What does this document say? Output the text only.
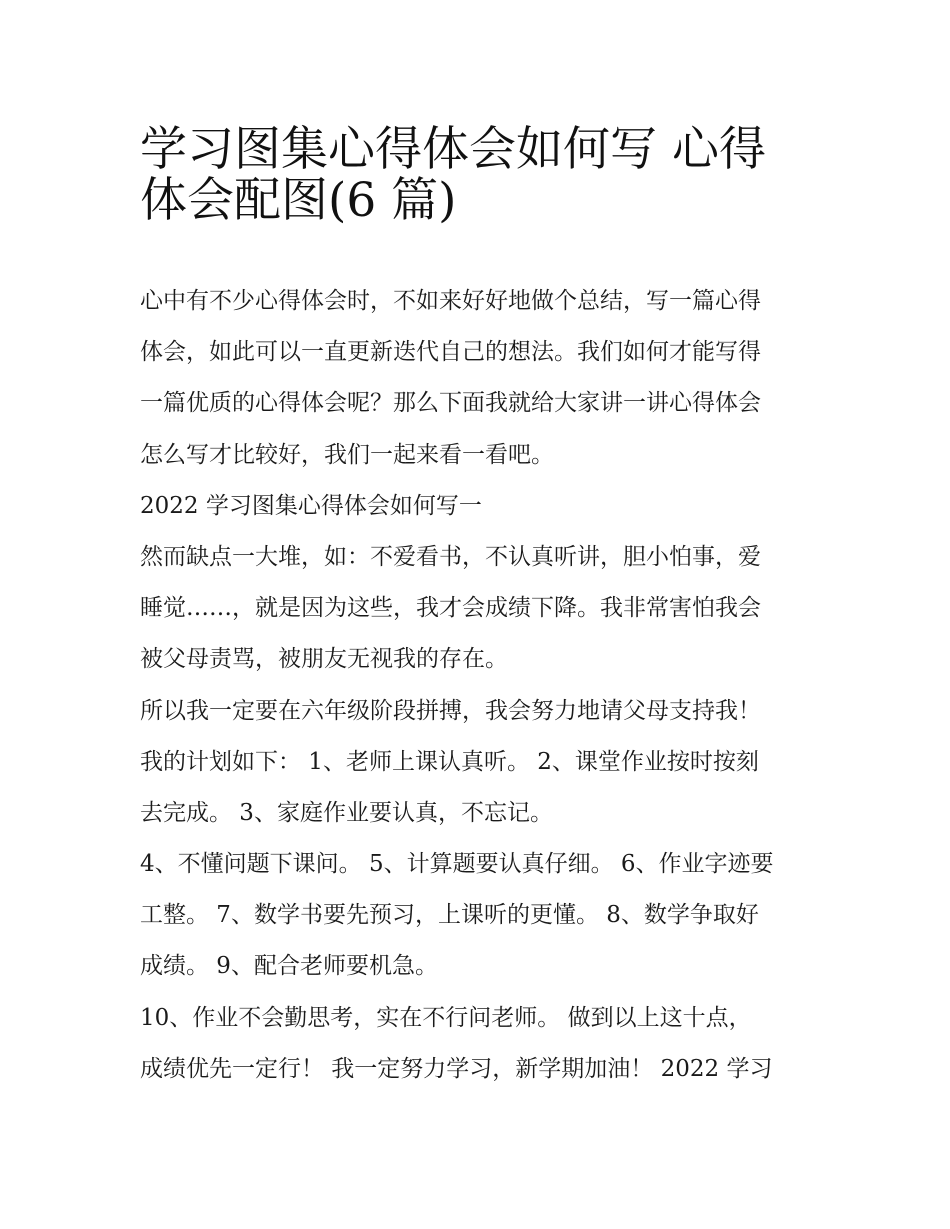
学习图集心得体会如何写 心得
体会配图(6 篇)
心中有不少心得体会时，不如来好好地做个总结，写一篇心得
体会，如此可以一直更新迭代自己的想法。我们如何才能写得
一篇优质的心得体会呢？那么下面我就给大家讲一讲心得体会
怎么写才比较好，我们一起来看一看吧。
2022 学习图集心得体会如何写一
然而缺点一大堆，如：不爱看书，不认真听讲，胆小怕事，爱
睡觉……，就是因为这些，我才会成绩下降。我非常害怕我会
被父母责骂，被朋友无视我的存在。
所以我一定要在六年级阶段拼搏，我会努力地请父母支持我！
我的计划如下： 1、老师上课认真听。 2、课堂作业按时按刻
去完成。 3、家庭作业要认真，不忘记。
4、不懂问题下课问。 5、计算题要认真仔细。 6、作业字迹要
工整。 7、数学书要先预习，上课听的更懂。 8、数学争取好
成绩。 9、配合老师要机急。
10、作业不会勤思考，实在不行问老师。 做到以上这十点，
成绩优先一定行！ 我一定努力学习，新学期加油！ 2022 学习
